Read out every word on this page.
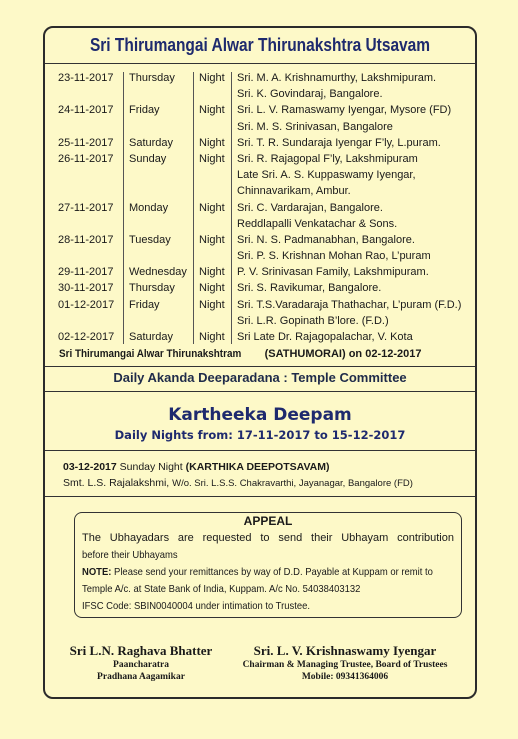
Sri Thirumangai Alwar Thirunakshtra Utsavam
23-11-2017 Thursday Night Sri. M. A. Krishnamurthy, Lakshmipuram.
Sri. K. Govindaraj, Bangalore.
24-11-2017 Friday	Night Sri. L. V. Ramaswamy Iyengar, Mysore (FD)
Sri. M. S. Srinivasan, Bangalore
25-11-2017 Saturday Night Sri. T. R. Sundaraja Iyengar F’ly, L.puram.
26-11-2017 Sunday	Night Sri. R. Rajagopal F’ly, Lakshmipuram
Late Sri. A. S. Kuppaswamy Iyengar,
Chinnavarikam, Ambur.
27-11-2017 Monday	Night Sri. C. Vardarajan, Bangalore.
Reddlapalli Venkatachar & Sons.
28-11-2017 Tuesday	Night Sri. N. S. Padmanabhan, Bangalore.
Sri. P. S. Krishnan Mohan Rao, L’puram
29-11-2017 Wednesday Night P. V. Srinivasan Family, Lakshmipuram.
30-11-2017 Thursday Night Sri. S. Ravikumar, Bangalore.
01-12-2017 Friday	Night Sri. T.S.Varadaraja Thathachar, L’puram (F.D.)
Sri. L.R. Gopinath B’lore. (F.D.)
02-12-2017 Saturday Night Sri Late Dr. Rajagopalachar, V. Kota
Sri Thirumangai Alwar Thirunakshtram (SATHUMORAI) on 02-12-2017
Daily Akanda Deeparadana : Temple Committee
Kartheeka Deepam
Daily Nights from: 17-11-2017 to 15-12-2017
03-12-2017 Sunday Night (KARTHIKA DEEPOTSAVAM)
Smt. L.S. Rajalakshmi, W/o. Sri. L.S.S. Chakravarthi, Jayanagar, Bangalore (FD)
APPEAL
The Ubhayadars are requested to send their Ubhayam contribution
before their Ubhayams
NOTE: Please send your remittances by way of D.D. Payable at Kuppam or remit to
Temple A/c. at State Bank of India, Kuppam. A/c No. 54038403132
IFSC Code: SBIN0040004 under intimation to Trustee.
Sri L.N. Raghava Bhatter
Paancharatra
Pradhana Aagamikar
Sri. L. V. Krishnaswamy Iyengar
Chairman & Managing Trustee, Board of Trustees
Mobile: 09341364006
